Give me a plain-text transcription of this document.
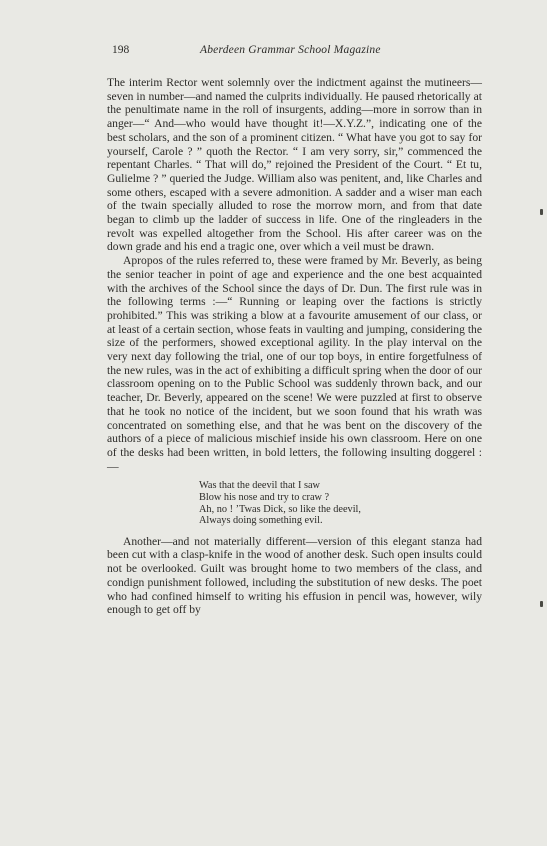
198	Aberdeen Grammar School Magazine

The interim Rector went solemnly over the indictment against the mutineers—seven in number—and named the culprits individually. He paused rhetorically at the penultimate name in the roll of insurgents, adding—more in sorrow than in anger—“ And—who would have thought it!—X.Y.Z.”, indicating one of the best scholars, and the son of a prominent citizen. “ What have you got to say for yourself, Carole ? ” quoth the Rector. “ I am very sorry, sir,” commenced the repentant Charles. “ That will do,” rejoined the President of the Court. “ Et tu, Gulielme ? ” queried the Judge. William also was penitent, and, like Charles and some others, escaped with a severe admonition. A sadder and a wiser man each of the twain specially alluded to rose the morrow morn, and from that date began to climb up the ladder of success in life. One of the ringleaders in the revolt was expelled altogether from the School. His after career was on the down grade and his end a tragic one, over which a veil must be drawn.

Apropos of the rules referred to, these were framed by Mr. Beverly, as being the senior teacher in point of age and experience and the one best acquainted with the archives of the School since the days of Dr. Dun. The first rule was in the following terms :—“ Running or leaping over the factions is strictly prohibited.” This was striking a blow at a favourite amusement of our class, or at least of a certain section, whose feats in vaulting and jumping, considering the size of the performers, showed exceptional agility. In the play interval on the very next day following the trial, one of our top boys, in entire forgetfulness of the new rules, was in the act of exhibiting a difficult spring when the door of our classroom opening on to the Public School was suddenly thrown back, and our teacher, Dr. Beverly, appeared on the scene! We were puzzled at first to observe that he took no notice of the incident, but we soon found that his wrath was concentrated on something else, and that he was bent on the discovery of the authors of a piece of malicious mischief inside his own classroom. Here on one of the desks had been written, in bold letters, the following insulting doggerel :—

Was that the deevil that I saw
Blow his nose and try to craw ?
Ah, no ! ’Twas Dick, so like the deevil,
Always doing something evil.

Another—and not materially different—version of this elegant stanza had been cut with a clasp-knife in the wood of another desk. Such open insults could not be overlooked. Guilt was brought home to two members of the class, and condign punishment followed, including the substitution of new desks. The poet who had confined himself to writing his effusion in pencil was, however, wily enough to get off by
